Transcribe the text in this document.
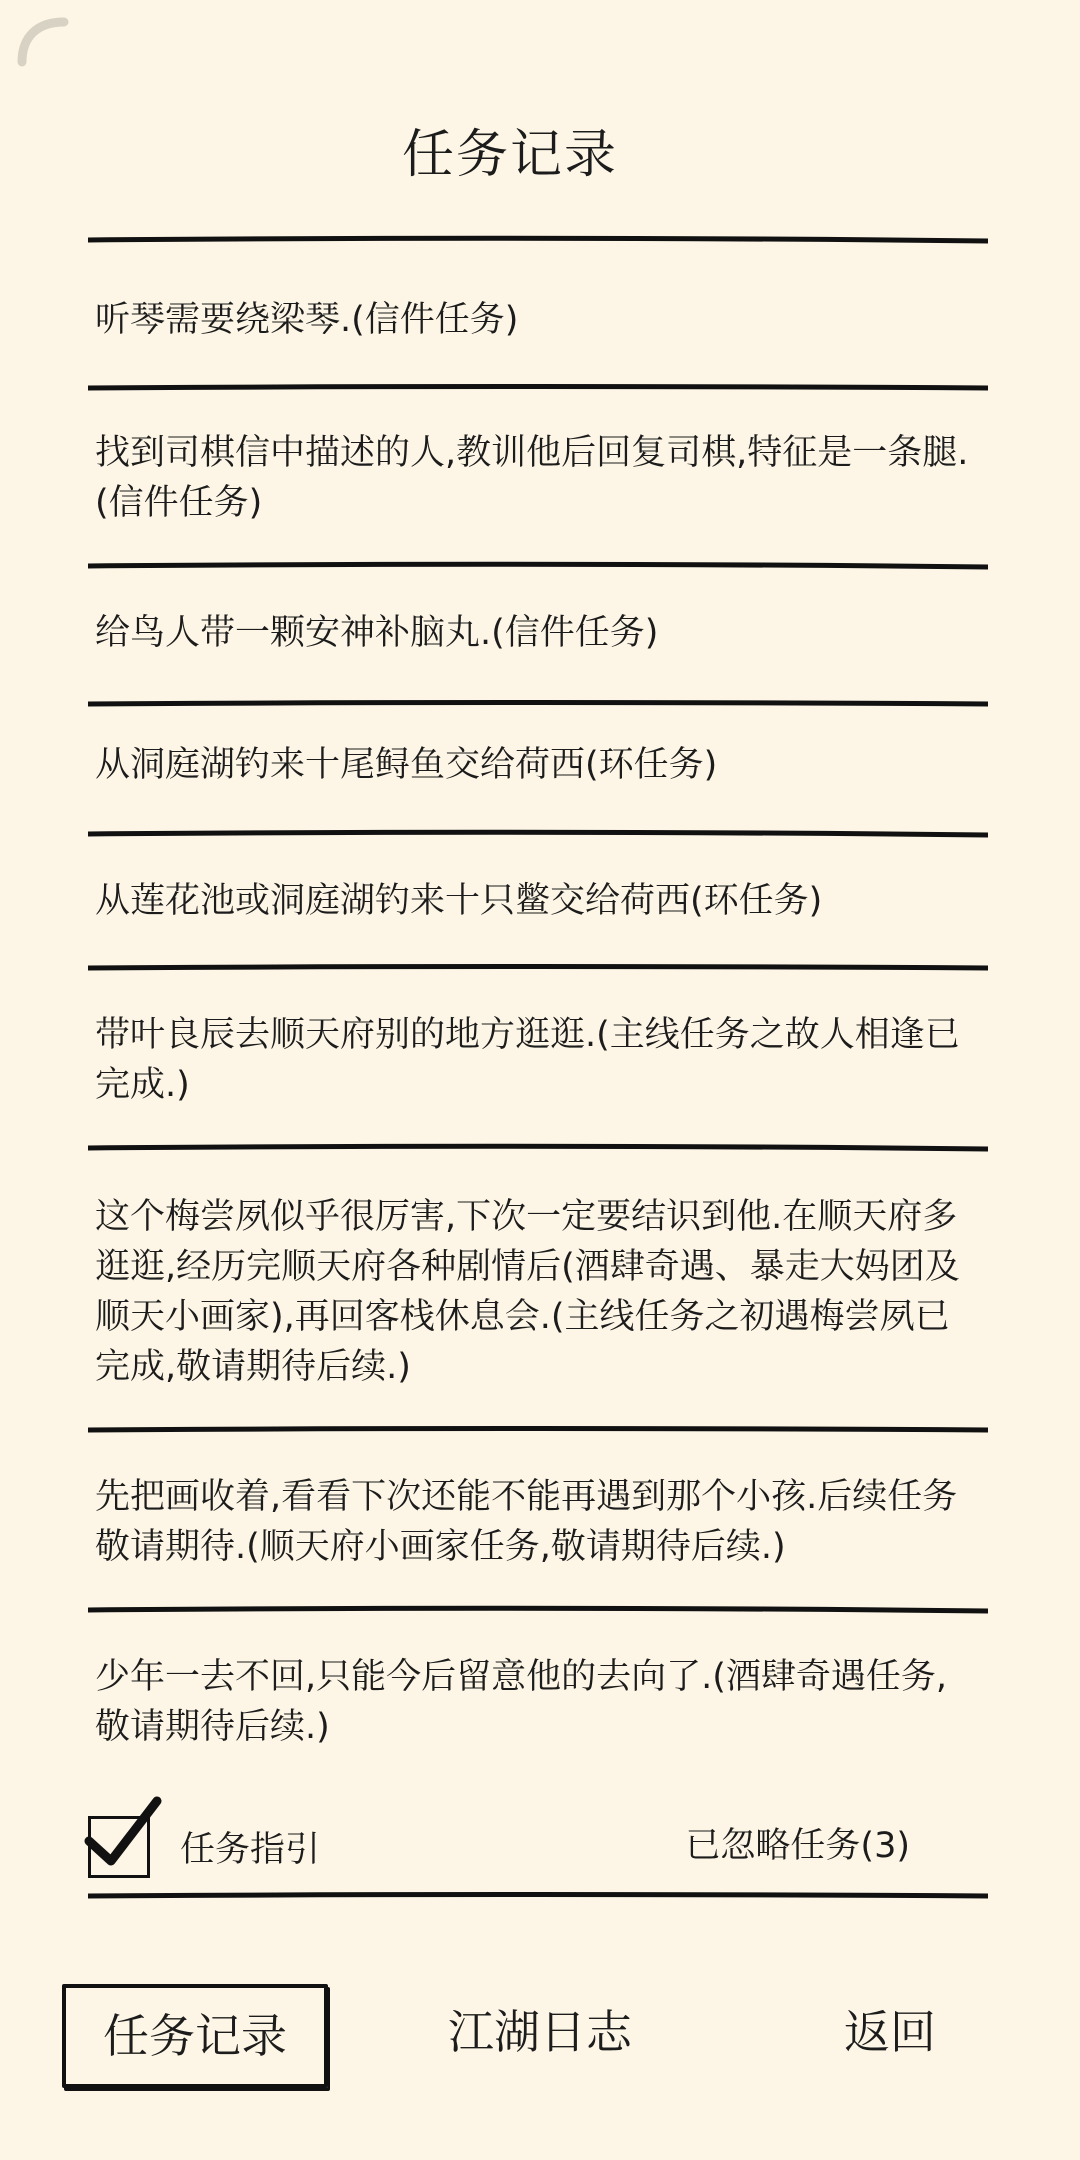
任务记录
听琴需要绕梁琴.(信件任务)
找到司棋信中描述的人,教训他后回复司棋,特征是一条腿.(信件任务)
给鸟人带一颗安神补脑丸.(信件任务)
从洞庭湖钓来十尾鲟鱼交给荷西(环任务)
从莲花池或洞庭湖钓来十只鳖交给荷西(环任务)
带叶良辰去顺天府别的地方逛逛.(主线任务之故人相逢已完成.)
这个梅尝夙似乎很厉害,下次一定要结识到他.在顺天府多逛逛,经历完顺天府各种剧情后(酒肆奇遇、暴走大妈团及顺天小画家),再回客栈休息会.(主线任务之初遇梅尝夙已完成,敬请期待后续.)
先把画收着,看看下次还能不能再遇到那个小孩.后续任务敬请期待.(顺天府小画家任务,敬请期待后续.)
少年一去不回,只能今后留意他的去向了.(酒肆奇遇任务,敬请期待后续.)
任务指引	已忽略任务(3)
任务记录	江湖日志	返回
